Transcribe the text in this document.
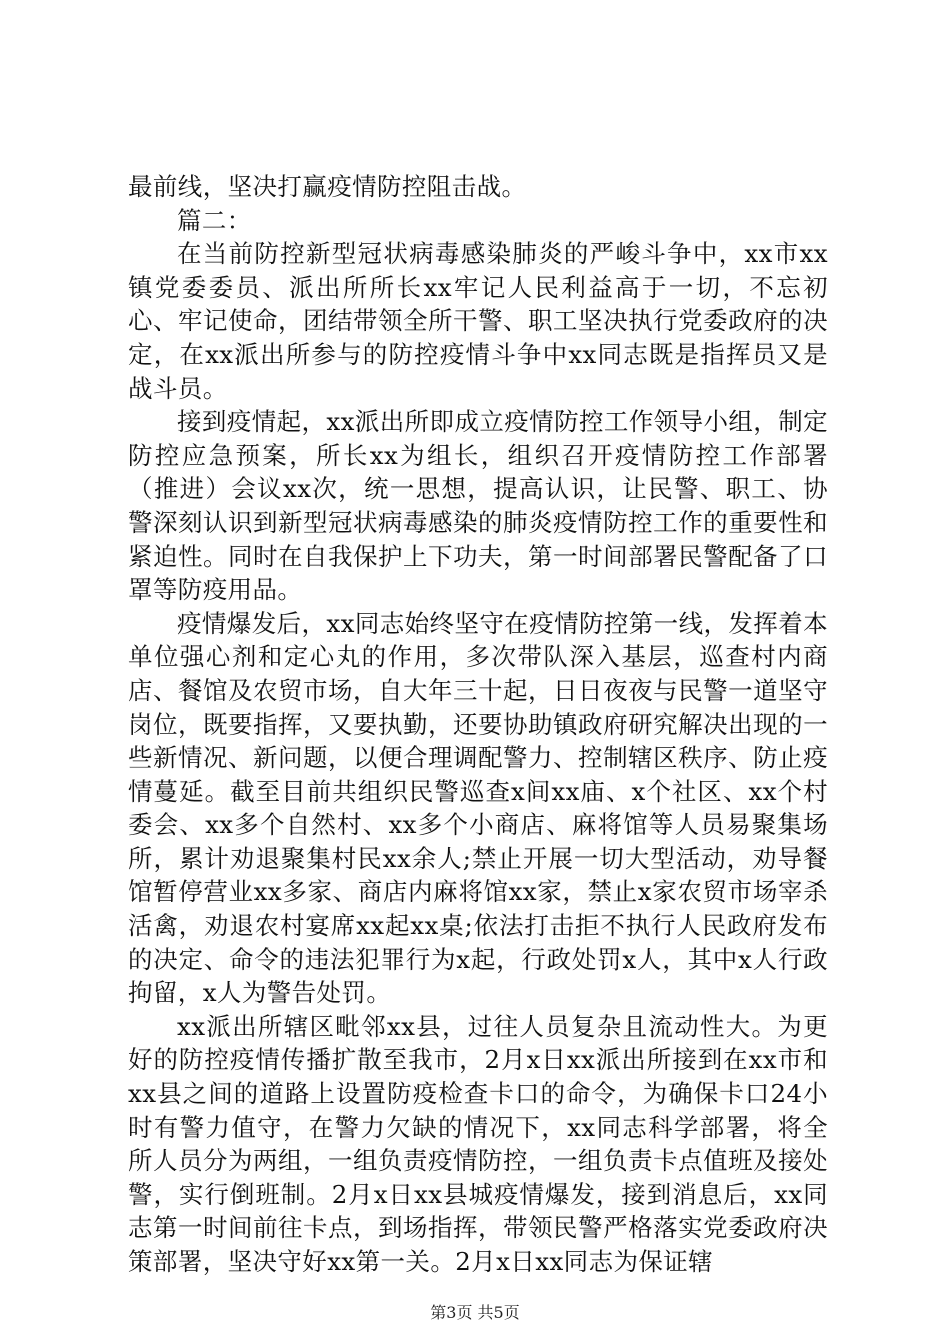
最前线，坚决打赢疫情防控阻击战。

篇二：

在当前防控新型冠状病毒感染肺炎的严峻斗争中，xx市xx镇党委委员、派出所所长xx牢记人民利益高于一切，不忘初心、牢记使命，团结带领全所干警、职工坚决执行党委政府的决定，在xx派出所参与的防控疫情斗争中xx同志既是指挥员又是战斗员。

接到疫情起，xx派出所即成立疫情防控工作领导小组，制定防控应急预案，所长xx为组长，组织召开疫情防控工作部署（推进）会议xx次，统一思想，提高认识，让民警、职工、协警深刻认识到新型冠状病毒感染的肺炎疫情防控工作的重要性和紧迫性。同时在自我保护上下功夫，第一时间部署民警配备了口罩等防疫用品。

疫情爆发后，xx同志始终坚守在疫情防控第一线，发挥着本单位强心剂和定心丸的作用，多次带队深入基层，巡查村内商店、餐馆及农贸市场，自大年三十起，日日夜夜与民警一道坚守岗位，既要指挥，又要执勤，还要协助镇政府研究解决出现的一些新情况、新问题，以便合理调配警力、控制辖区秩序、防止疫情蔓延。截至目前共组织民警巡查x间xx庙、x个社区、xx个村委会、xx多个自然村、xx多个小商店、麻将馆等人员易聚集场所，累计劝退聚集村民xx余人;禁止开展一切大型活动，劝导餐馆暂停营业xx多家、商店内麻将馆xx家，禁止x家农贸市场宰杀活禽，劝退农村宴席xx起xx桌;依法打击拒不执行人民政府发布的决定、命令的违法犯罪行为x起，行政处罚x人，其中x人行政拘留，x人为警告处罚。

xx派出所辖区毗邻xx县，过往人员复杂且流动性大。为更好的防控疫情传播扩散至我市，2月x日xx派出所接到在xx市和xx县之间的道路上设置防疫检查卡口的命令，为确保卡口24小时有警力值守，在警力欠缺的情况下，xx同志科学部署，将全所人员分为两组，一组负责疫情防控，一组负责卡点值班及接处警，实行倒班制。2月x日xx县城疫情爆发，接到消息后，xx同志第一时间前往卡点，到场指挥，带领民警严格落实党委政府决策部署，坚决守好xx第一关。2月x日xx同志为保证辖

第3页 共5页
